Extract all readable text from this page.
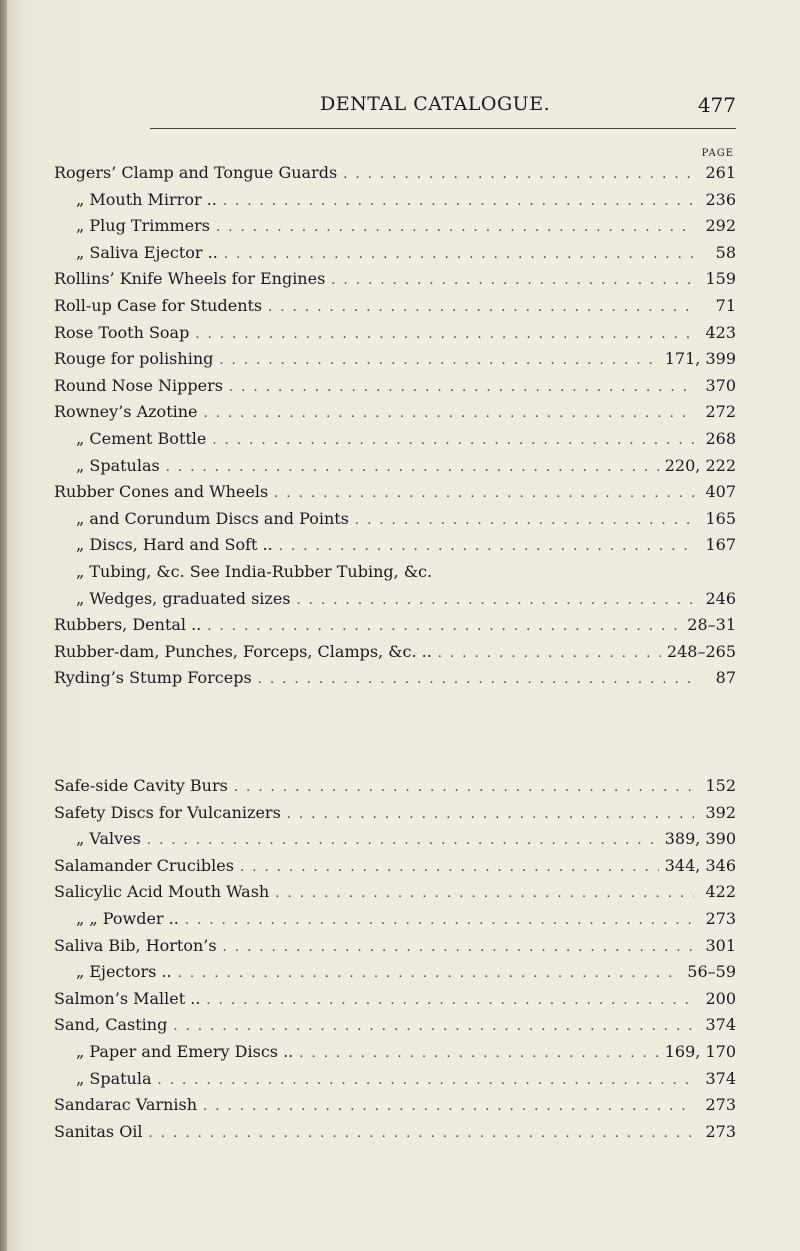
DENTAL CATALOGUE.	477
PAGE
Rogers’ Clamp and Tongue Guards . . .	261
„ Mouth Mirror .. . . .	236
„ Plug Trimmers . . .	292
„ Saliva Ejector .. . . .	58
Rollins’ Knife Wheels for Engines . . .	159
Roll-up Case for Students . . .	71
Rose Tooth Soap . . .	423
Rouge for polishing . . .	171, 399
Round Nose Nippers . . .	370
Rowney’s Azotine . . .	272
„ Cement Bottle . . .	268
„ Spatulas . . .	220, 222
Rubber Cones and Wheels . . .	407
„ and Corundum Discs and Points . . .	165
„ Discs, Hard and Soft .. . . .	167
„ Tubing, &c. See India-Rubber Tubing, &c.
„ Wedges, graduated sizes . . .	246
Rubbers, Dental .. . . .	28–31
Rubber-dam, Punches, Forceps, Clamps, &c. .. . . .	248–265
Ryding’s Stump Forceps . . .	87
Safe-side Cavity Burs . . .	152
Safety Discs for Vulcanizers . . .	392
„ Valves . . .	389, 390
Salamander Crucibles . . .	344, 346
Salicylic Acid Mouth Wash . . .	422
„ „ Powder .. . . .	273
Saliva Bib, Horton’s . . .	301
„ Ejectors .. . . .	56–59
Salmon’s Mallet .. . . .	200
Sand, Casting . . .	374
„ Paper and Emery Discs .. . . .	169, 170
„ Spatula . . .	374
Sandarac Varnish . . .	273
Sanitas Oil . . .	273
